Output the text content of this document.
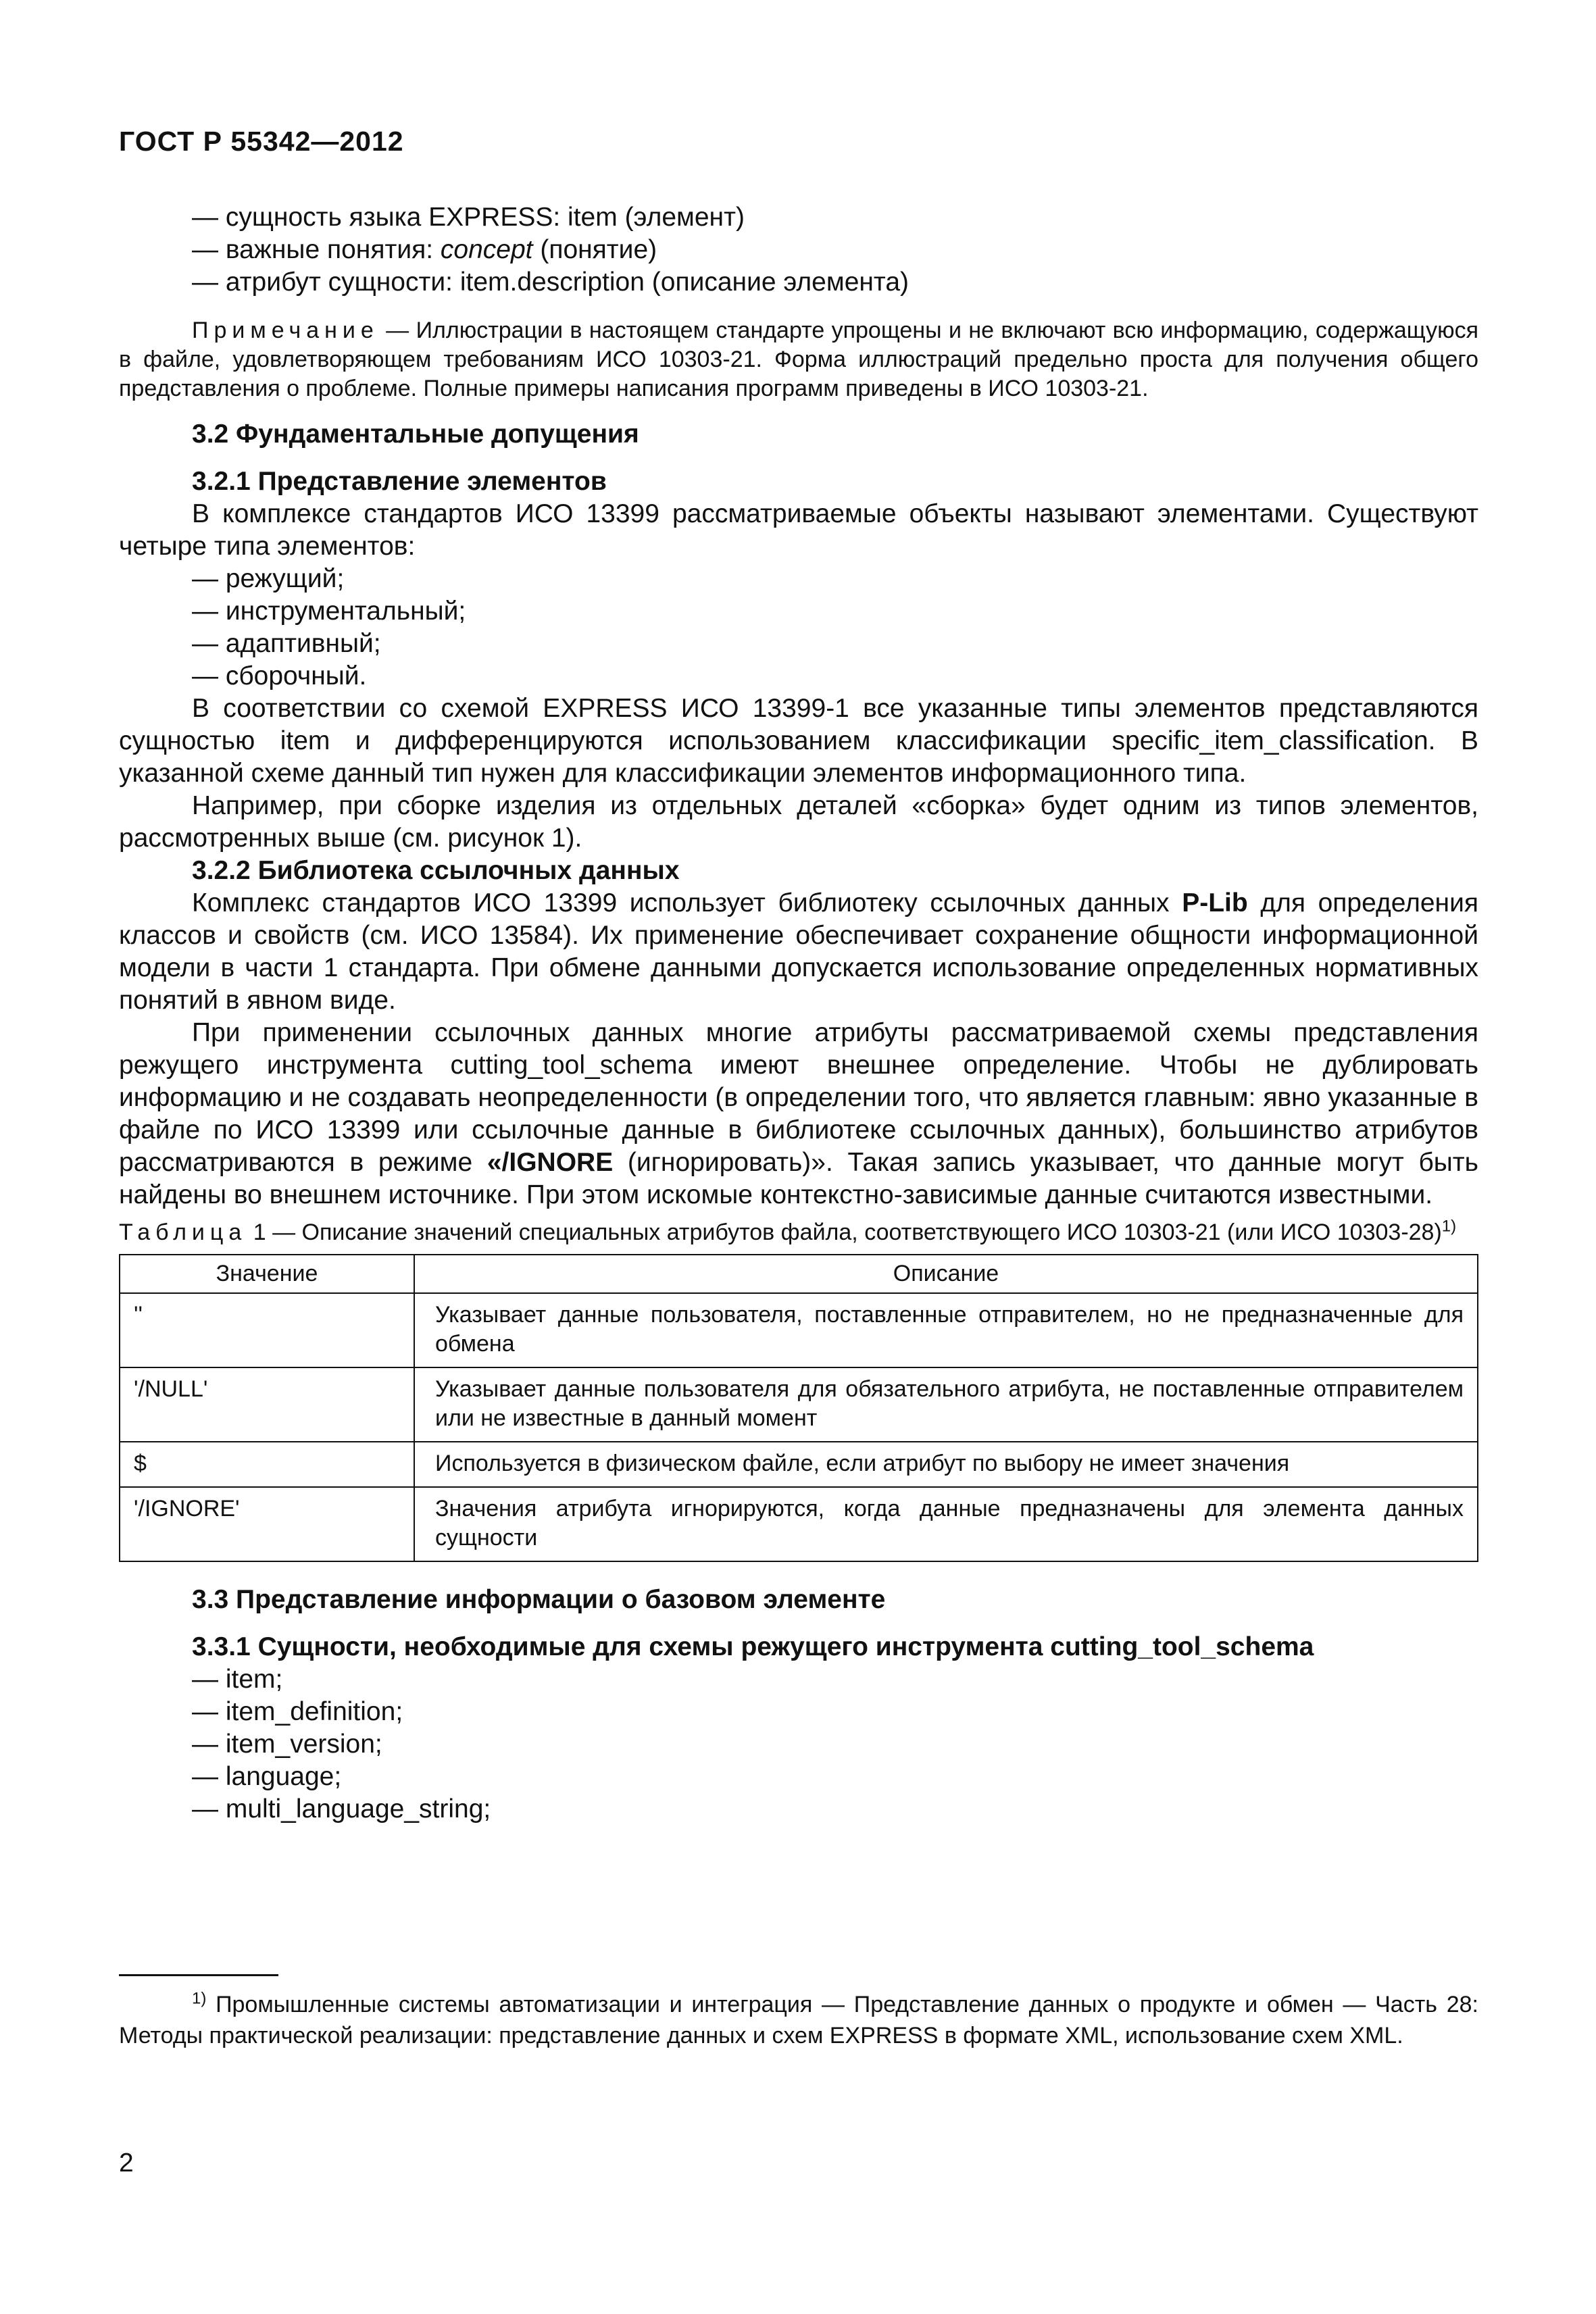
ГОСТ Р 55342—2012

— сущность языка EXPRESS: item (элемент)

— важные понятия: concept (понятие)

— атрибут сущности: item.description (описание элемента)

Примечание — Иллюстрации в настоящем стандарте упрощены и не включают всю информацию, содержащуюся в файле, удовлетворяющем требованиям ИСО 10303-21. Форма иллюстраций предельно проста для получения общего представления о проблеме. Полные примеры написания программ приведены в ИСО 10303-21.

3.2 Фундаментальные допущения

3.2.1 Представление элементов

В комплексе стандартов ИСО 13399 рассматриваемые объекты называют элементами. Существуют четыре типа элементов:

— режущий;

— инструментальный;

— адаптивный;

— сборочный.

В соответствии со схемой EXPRESS ИСО 13399-1 все указанные типы элементов представляются сущностью item и дифференцируются использованием классификации specific_item_classification. В указанной схеме данный тип нужен для классификации элементов информационного типа.

Например, при сборке изделия из отдельных деталей «сборка» будет одним из типов элементов, рассмотренных выше (см. рисунок 1).

3.2.2 Библиотека ссылочных данных

Комплекс стандартов ИСО 13399 использует библиотеку ссылочных данных P-Lib для определения классов и свойств (см. ИСО 13584). Их применение обеспечивает сохранение общности информационной модели в части 1 стандарта. При обмене данными допускается использование определенных нормативных понятий в явном виде.

При применении ссылочных данных многие атрибуты рассматриваемой схемы представления режущего инструмента cutting_tool_schema имеют внешнее определение. Чтобы не дублировать информацию и не создавать неопределенности (в определении того, что является главным: явно указанные в файле по ИСО 13399 или ссылочные данные в библиотеке ссылочных данных), большинство атрибутов рассматриваются в режиме «/IGNORE (игнорировать)». Такая запись указывает, что данные могут быть найдены во внешнем источнике. При этом искомые контекстно-зависимые данные считаются известными.

Таблица 1 — Описание значений специальных атрибутов файла, соответствующего ИСО 10303-21 (или ИСО 10303-28)$^{1)}$

Значение	Описание
''	Указывает данные пользователя, поставленные отправителем, но не предназначенные для обмена
'/NULL'	Указывает данные пользователя для обязательного атрибута, не поставленные отправителем или не известные в данный момент
$	Используется в физическом файле, если атрибут по выбору не имеет значения
'/IGNORE'	Значения атрибута игнорируются, когда данные предназначены для элемента данных сущности

3.3 Представление информации о базовом элементе

3.3.1 Сущности, необходимые для схемы режущего инструмента cutting_tool_schema

— item;

— item_definition;

— item_version;

— language;

— multi_language_string;

$^{1)}$ Промышленные системы автоматизации и интеграция — Представление данных о продукте и обмен — Часть 28: Методы практической реализации: представление данных и схем EXPRESS в формате XML, использование схем XML.

2
